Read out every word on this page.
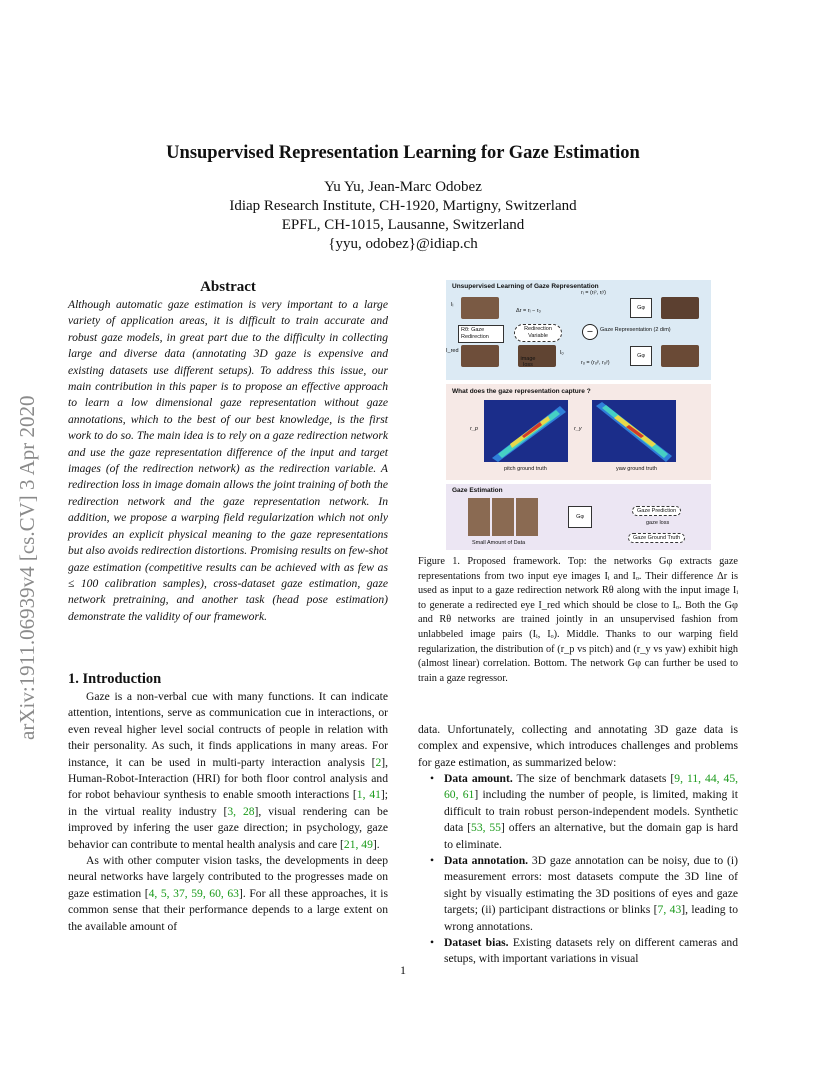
arXiv:1911.06939v4 [cs.CV] 3 Apr 2020
Unsupervised Representation Learning for Gaze Estimation
Yu Yu, Jean-Marc Odobez
Idiap Research Institute, CH-1920, Martigny, Switzerland
EPFL, CH-1015, Lausanne, Switzerland
{yyu, odobez}@idiap.ch
Abstract
Although automatic gaze estimation is very important to a large variety of application areas, it is difficult to train accurate and robust gaze models, in great part due to the difficulty in collecting large and diverse data (annotating 3D gaze is expensive and existing datasets use different setups). To address this issue, our main contribution in this paper is to propose an effective approach to learn a low dimensional gaze representation without gaze annotations, which to the best of our best knowledge, is the first work to do so. The main idea is to rely on a gaze redirection network and use the gaze representation difference of the input and target images (of the redirection network) as the redirection variable. A redirection loss in image domain allows the joint training of both the redirection network and the gaze representation network. In addition, we propose a warping field regularization which not only provides an explicit physical meaning to the gaze representations but also avoids redirection distortions. Promising results on few-shot gaze estimation (competitive results can be achieved with as few as ≤ 100 calibration samples), cross-dataset gaze estimation, gaze network pretraining, and another task (head pose estimation) demonstrate the validity of our framework.
1. Introduction

Gaze is a non-verbal cue with many functions. It can indicate attention, intentions, serve as communication cue in interactions, or even reveal higher level social contructs of people in relation with their personality. As such, it finds applications in many areas. For instance, it can be used in multi-party interaction analysis [2], Human-Robot-Interaction (HRI) for both floor control analysis and for robot behaviour synthesis to enable smooth interactions [1, 41]; in the virtual reality industry [3, 28], visual rendering can be improved by infering the user gaze direction; in psychology, gaze behavior can contribute to mental health analysis and care [21, 49].

As with other computer vision tasks, the developments in deep neural networks have largely contributed to the progresses made on gaze estimation [4, 5, 37, 59, 60, 63]. For all these approaches, it is common sense that their performance depends to a large extent on the available amount of

Unsupervised Learning of Gaze Representation
Iᵢ
I_red	Iₒ
rᵢ = (rᵢᵖ, rᵢʸ)
rₒ = (rₒᵖ, rₒʸ)
Δr = rᵢ − rₒ
Rθ: Gaze Redirection
Redirection Variable	−	Gaze Representation (2 dim)
image loss
Gφ
Gφ
What does the gaze representation capture ?
r_p	r_y
pitch ground truth	yaw ground truth
Gaze Estimation
Small Amount of Data
Gφ
Gaze Prediction
gaze loss
Gaze Ground Truth
Figure 1. Proposed framework. Top: the networks Gφ extracts gaze representations from two input eye images Iᵢ and Iₒ. Their difference Δr is used as input to a gaze redirection network Rθ along with the input image Iᵢ to generate a redirected eye I_red which should be close to Iₒ. Both the Gφ and Rθ networks are trained jointly in an unsupervised fashion from unlabbeled image pairs (Iᵢ, Iₒ). Middle. Thanks to our warping field regularization, the distribution of (r_p vs pitch) and (r_y vs yaw) exhibit high (almost linear) correlation. Bottom. The network Gφ can further be used to train a gaze regressor.
data. Unfortunately, collecting and annotating 3D gaze data is complex and expensive, which introduces challenges and problems for gaze estimation, as summarized below:
• Data amount. The size of benchmark datasets [9, 11, 44, 45, 60, 61] including the number of people, is limited, making it difficult to train robust person-independent models. Synthetic data [53, 55] offers an alternative, but the domain gap is hard to eliminate.
• Data annotation. 3D gaze annotation can be noisy, due to (i) measurement errors: most datasets compute the 3D line of sight by visually estimating the 3D positions of eyes and gaze targets; (ii) participant distractions or blinks [7, 43], leading to wrong annotations.
• Dataset bias. Existing datasets rely on different cameras and setups, with important variations in visual
1
